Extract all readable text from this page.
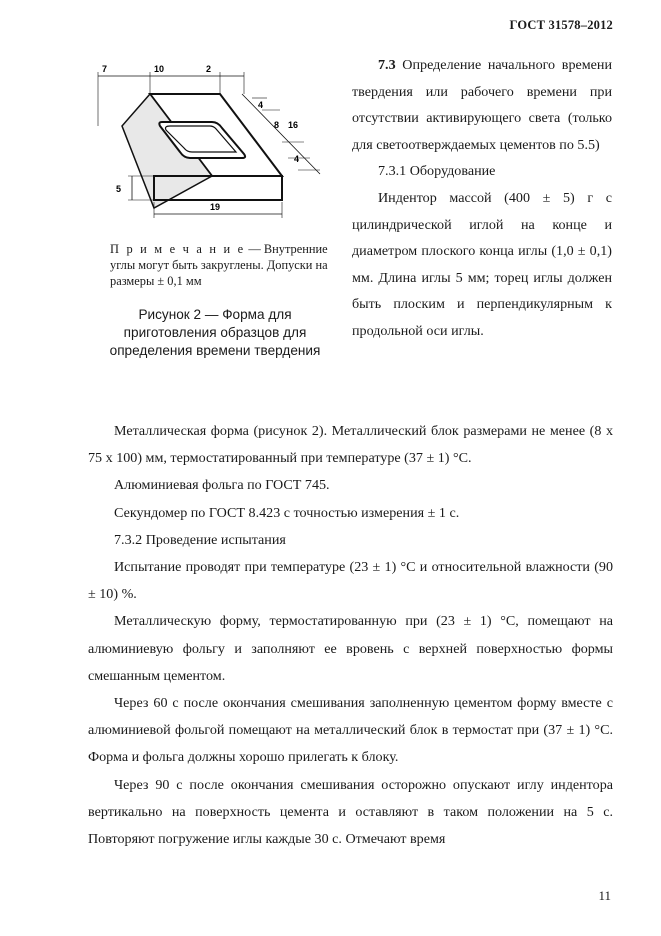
ГОСТ 31578–2012
7	10	2
4
8 16
4
5
19
П р и м е ч а н и е — Внутренние углы могут быть закруглены. Допуски на размеры ± 0,1 мм
Рисунок 2 — Форма для приготовления образцов для определения времени твердения

7.3 Определение начального времени твердения или рабочего времени при отсутствии активирующего света (только для светоотверждаемых цементов по 5.5)

7.3.1 Оборудование

Индентор массой (400 ± 5) г с цилиндрической иглой на конце и диаметром плоского конца иглы (1,0 ± 0,1) мм. Длина иглы 5 мм; торец иглы должен быть плоским и перпендикулярным к продольной оси иглы.

Металлическая форма (рисунок 2). Металлический блок размерами не менее (8 х 75 х 100) мм, термостатированный при температуре (37 ± 1) °С.

Алюминиевая фольга по ГОСТ 745.

Секундомер по ГОСТ 8.423 с точностью измерения ± 1 с.

7.3.2 Проведение испытания

Испытание проводят при температуре (23 ± 1) °С и относительной влажности (90 ± 10) %.

Металлическую форму, термостатированную при (23 ± 1) °С, помещают на алюминиевую фольгу и заполняют ее вровень с верхней поверхностью формы смешанным цементом.

Через 60 с после окончания смешивания заполненную цементом форму вместе с алюминиевой фольгой помещают на металлический блок в термостат при (37 ± 1) °С. Форма и фольга должны хорошо прилегать к блоку.

Через 90 с после окончания смешивания осторожно опускают иглу индентора вертикально на поверхность цемента и оставляют в таком положении на 5 с. Повторяют погружение иглы каждые 30 с. Отмечают время

11
